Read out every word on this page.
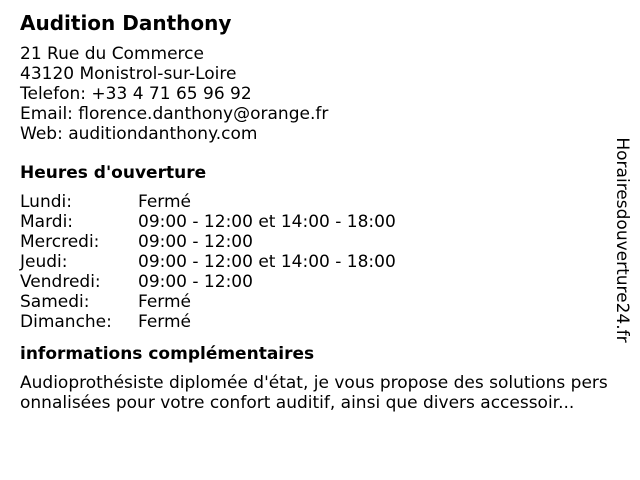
Audition Danthony
21 Rue du Commerce
43120 Monistrol-sur-Loire
Telefon: +33 4 71 65 96 92
Email: florence.danthony@orange.fr
Web: auditiondanthony.com
Heures d'ouverture
Lundi:	Fermé
Mardi:	09:00 - 12:00 et 14:00 - 18:00
Mercredi:	09:00 - 12:00
Jeudi:	09:00 - 12:00 et 14:00 - 18:00
Vendredi:	09:00 - 12:00
Samedi:	Fermé
Dimanche:	Fermé
informations complémentaires
Audioprothésiste diplomée d'état, je vous propose des solutions personnalisées pour votre confort auditif, ainsi que divers accessoir...
Horairesdouverture24.fr
